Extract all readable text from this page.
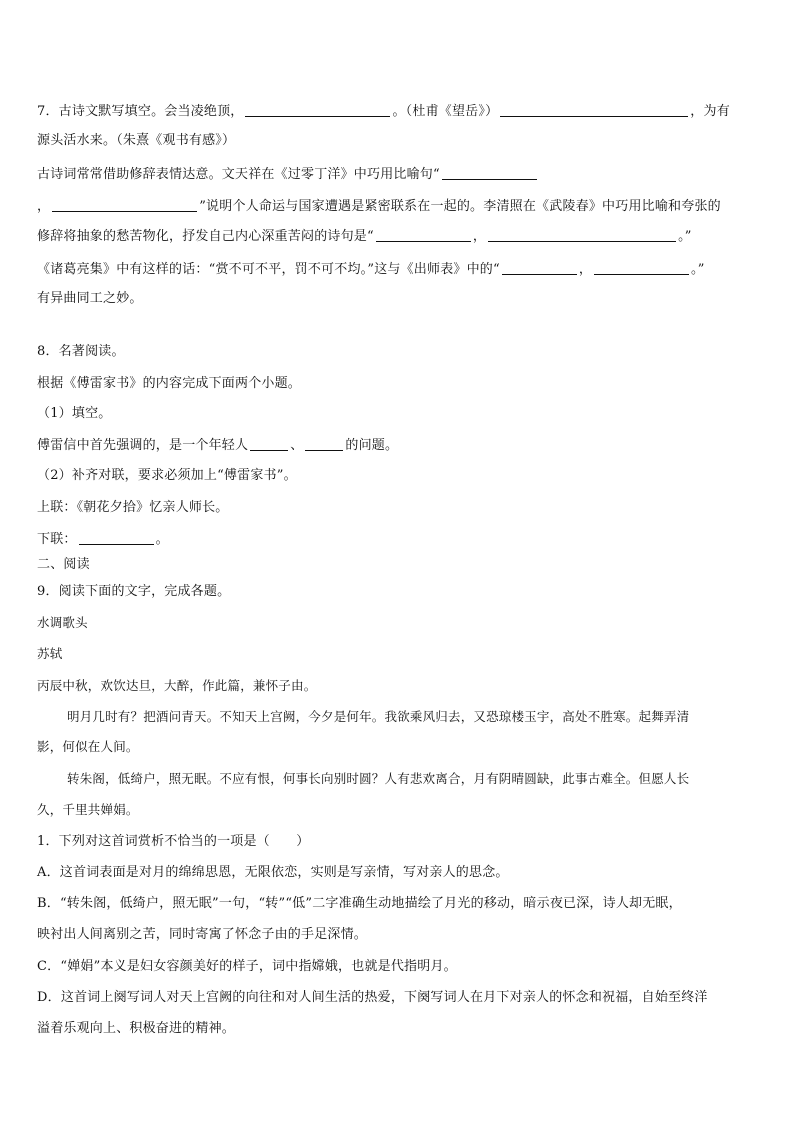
7．古诗文默写填空。会当凌绝顶，	。（杜甫《望岳》）	，为有
源头活水来。（朱熹《观书有感》）
古诗词常常借助修辞表情达意。文天祥在《过零丁洋》中巧用比喻句“
，	”说明个人命运与国家遭遇是紧密联系在一起的。李清照在《武陵春》中巧用比喻和夸张的
修辞将抽象的愁苦物化，抒发自己内心深重苦闷的诗句是“	，	。”
《诸葛亮集》中有这样的话：“赏不可不平，罚不可不均。”这与《出师表》中的“	，	。”
有异曲同工之妙。
8．名著阅读。
根据《傅雷家书》的内容完成下面两个小题。
（1）填空。
傅雷信中首先强调的，是一个年轻人	、	的问题。
（2）补齐对联，要求必须加上“傅雷家书”。
上联：《朝花夕拾》忆亲人师长。
下联：	。
二、阅读
9．阅读下面的文字，完成各题。
水调歌头
苏轼
丙辰中秋，欢饮达旦，大醉，作此篇，兼怀子由。
明月几时有？把酒问青天。不知天上宫阙，今夕是何年。我欲乘风归去，又恐琼楼玉宇，高处不胜寒。起舞弄清
影，何似在人间。
转朱阁，低绮户，照无眠。不应有恨，何事长向别时圆？人有悲欢离合，月有阴晴圆缺，此事古难全。但愿人长
久，千里共婵娟。
1．下列对这首词赏析不恰当的一项是（　　）
A．这首词表面是对月的绵绵思恩，无限依恋，实则是写亲情，写对亲人的思念。
B．“转朱阁，低绮户，照无眠”一句，“转”“低”二字准确生动地描绘了月光的移动，暗示夜已深，诗人却无眠，
映衬出人间离别之苦，同时寄寓了怀念子由的手足深情。
C．“婵娟”本义是妇女容颜美好的样子，词中指嫦娥，也就是代指明月。
D．这首词上阕写词人对天上宫阙的向往和对人间生活的热爱，下阕写词人在月下对亲人的怀念和祝福，自始至终洋
溢着乐观向上、积极奋进的精神。
